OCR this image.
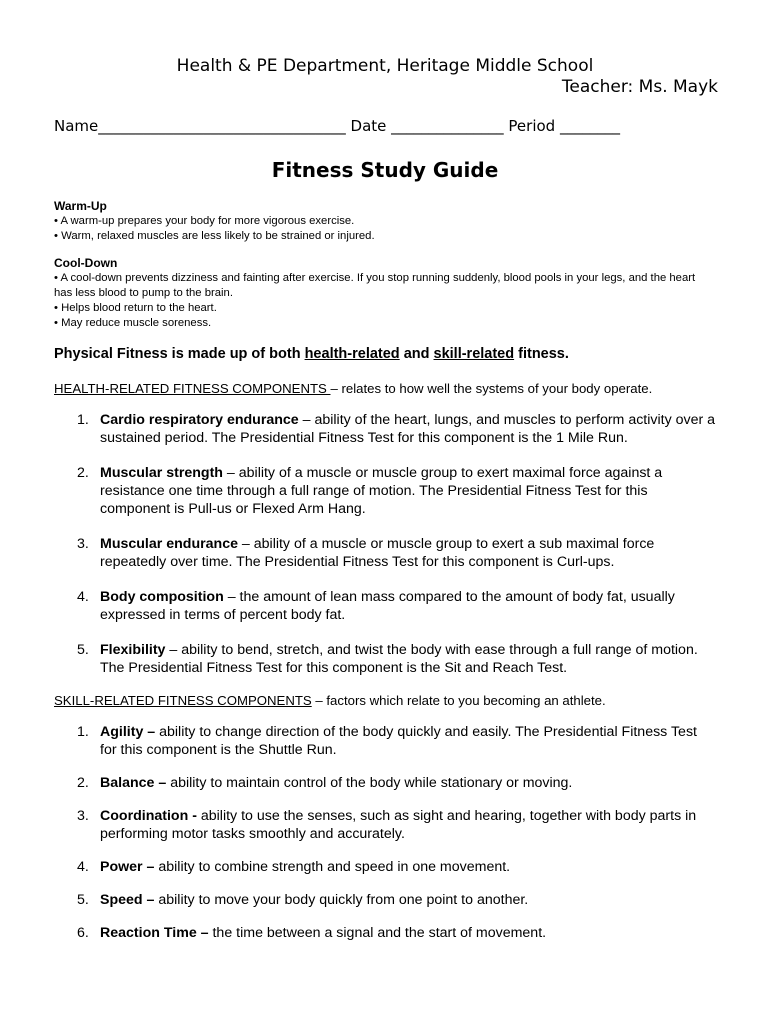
Health & PE Department, Heritage Middle School
Teacher: Ms. Mayk
Name_________________________________ Date _______________ Period ________
Fitness Study Guide
Warm-Up
• A warm-up prepares your body for more vigorous exercise.
• Warm, relaxed muscles are less likely to be strained or injured.
Cool-Down
• A cool-down prevents dizziness and fainting after exercise. If you stop running suddenly, blood pools in your legs, and the heart has less blood to pump to the brain.
• Helps blood return to the heart.
• May reduce muscle soreness.
Physical Fitness is made up of both health-related and skill-related fitness.
HEALTH-RELATED FITNESS COMPONENTS – relates to how well the systems of your body operate.
1. Cardio respiratory endurance – ability of the heart, lungs, and muscles to perform activity over a sustained period. The Presidential Fitness Test for this component is the 1 Mile Run.
2. Muscular strength – ability of a muscle or muscle group to exert maximal force against a resistance one time through a full range of motion. The Presidential Fitness Test for this component is Pull-us or Flexed Arm Hang.
3. Muscular endurance – ability of a muscle or muscle group to exert a sub maximal force repeatedly over time. The Presidential Fitness Test for this component is Curl-ups.
4. Body composition – the amount of lean mass compared to the amount of body fat, usually expressed in terms of percent body fat.
5. Flexibility – ability to bend, stretch, and twist the body with ease through a full range of motion. The Presidential Fitness Test for this component is the Sit and Reach Test.
SKILL-RELATED FITNESS COMPONENTS – factors which relate to you becoming an athlete.
1. Agility – ability to change direction of the body quickly and easily. The Presidential Fitness Test for this component is the Shuttle Run.
2. Balance – ability to maintain control of the body while stationary or moving.
3. Coordination - ability to use the senses, such as sight and hearing, together with body parts in performing motor tasks smoothly and accurately.
4. Power – ability to combine strength and speed in one movement.
5. Speed – ability to move your body quickly from one point to another.
6. Reaction Time – the time between a signal and the start of movement.
